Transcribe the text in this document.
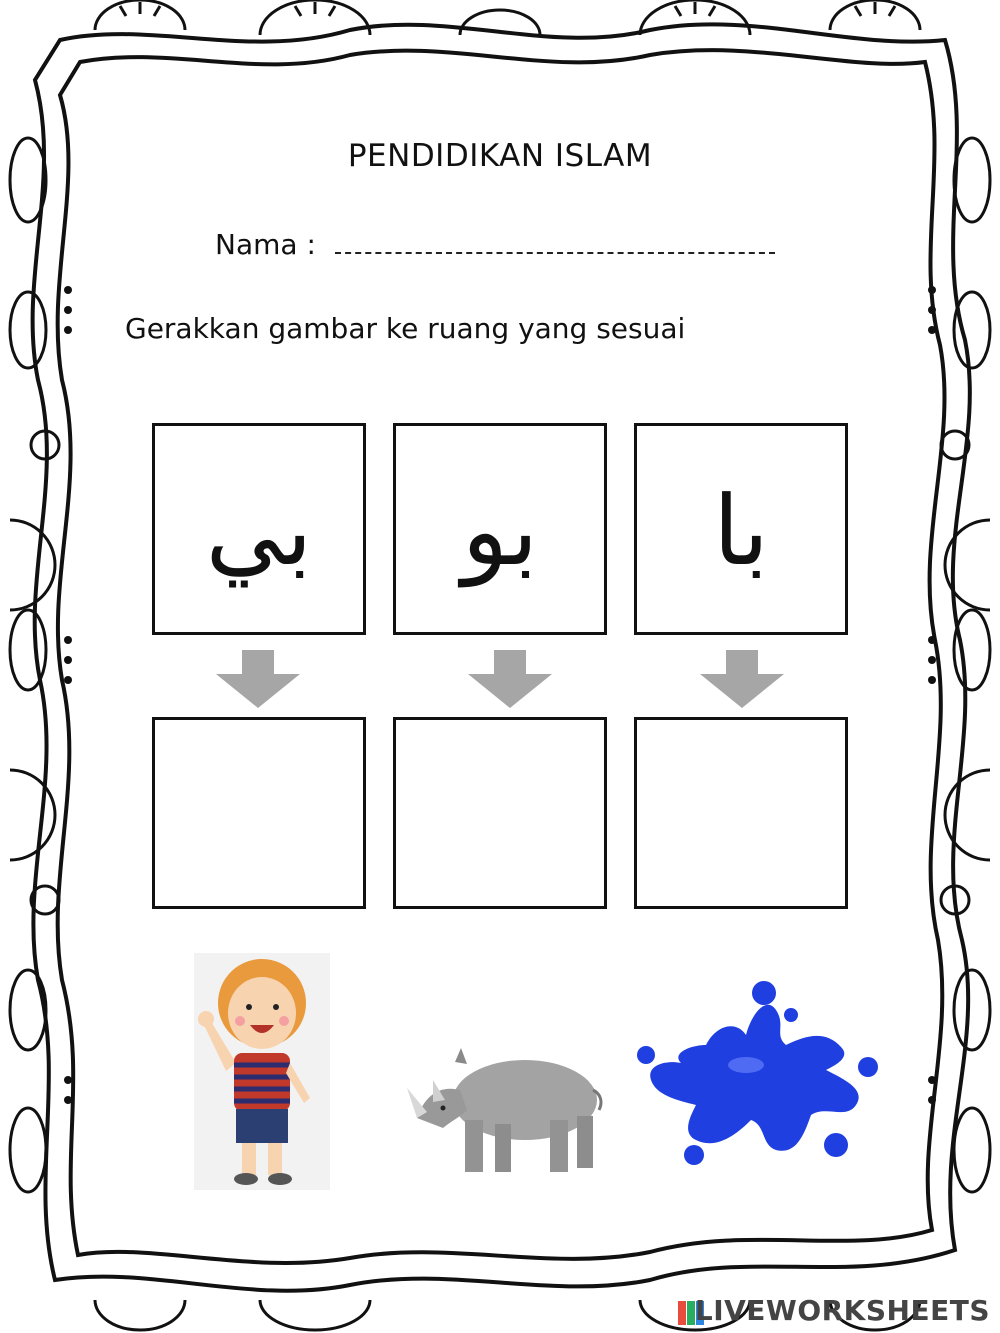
PENDIDIKAN ISLAM
Nama :
Gerakkan gambar ke ruang yang sesuai
بي	بو	با
LIVEWORKSHEETS
